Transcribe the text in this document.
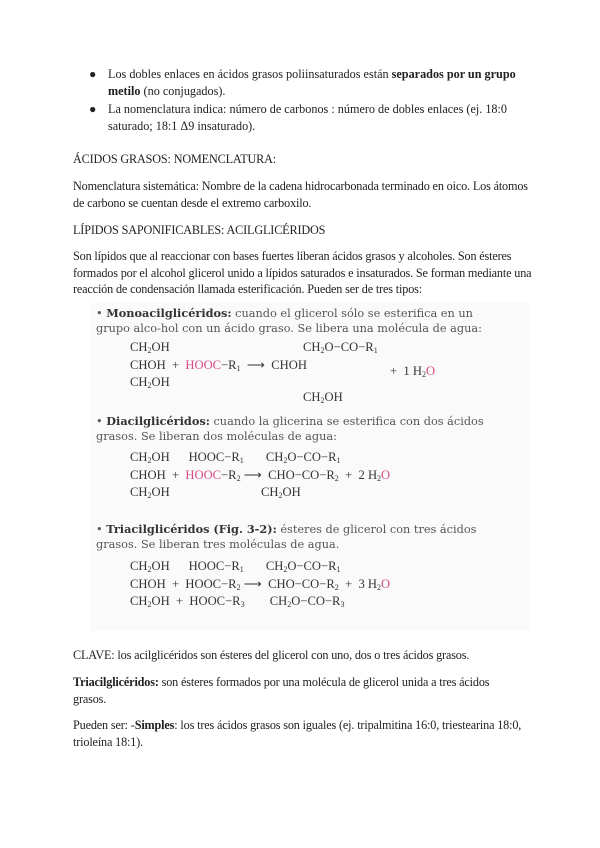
● Los dobles enlaces en ácidos grasos poliinsaturados están separados por un grupo metilo (no conjugados).
● La nomenclatura indica: número de carbonos : número de dobles enlaces (ej. 18:0 saturado; 18:1 Δ9 insaturado).
ÁCIDOS GRASOS: NOMENCLATURA:
Nomenclatura sistemática: Nombre de la cadena hidrocarbonada terminado en oico. Los átomos de carbono se cuentan desde el extremo carboxilo.
LÍPIDOS SAPONIFICABLES: ACILGLICÉRIDOS
Son lípidos que al reaccionar con bases fuertes liberan ácidos grasos y alcoholes. Son ésteres formados por el alcohol glicerol unido a lípidos saturados e insaturados. Se forman mediante una reacción de condensación llamada esterificación. Pueden ser de tres tipos:
• Monoacilglicéridos: cuando el glicerol sólo se esterifica en un grupo alco-hol con un ácido graso. Se libera una molécula de agua:
$CH_2OH$
CHOH  +  $HOOC-R_1$  ⟶  CHOH
$CH_2OH$
$CH_2O-CO-R_1$
$CH_2OH$
+  1 $H_2O$
• Diacilglicéridos: cuando la glicerina se esterifica con dos ácidos grasos. Se liberan dos moléculas de agua:
$CH_2OH$      $HOOC-R_1$       $CH_2O-CO-R_1$
CHOH  +  $HOOC-R_2$ ⟶  $CHO-CO-R_2 + 2$ $H_2O$
$CH_2OH$                             $CH_2OH$
• Triacilglicéridos (Fig. 3-2): ésteres de glicerol con tres ácidos grasos. Se liberan tres moléculas de agua.
$CH_2OH$      $HOOC-R_1$       $CH_2O-CO-R_1$
CHOH  +  $HOOC-R_2$ ⟶  $CHO-CO-R_2 + 3$ $H_2O$
$CH_2OH$  +  $HOOC-R_3$        $CH_2O-CO-R_3$
CLAVE: los acilglicéridos son ésteres del glicerol con uno, dos o tres ácidos grasos.
Triacilglicéridos: son ésteres formados por una molécula de glicerol unida a tres ácidos grasos.
Pueden ser: -Simples: los tres ácidos grasos son iguales (ej. tripalmitina 16:0, triestearina 18:0, trioleína 18:1).
